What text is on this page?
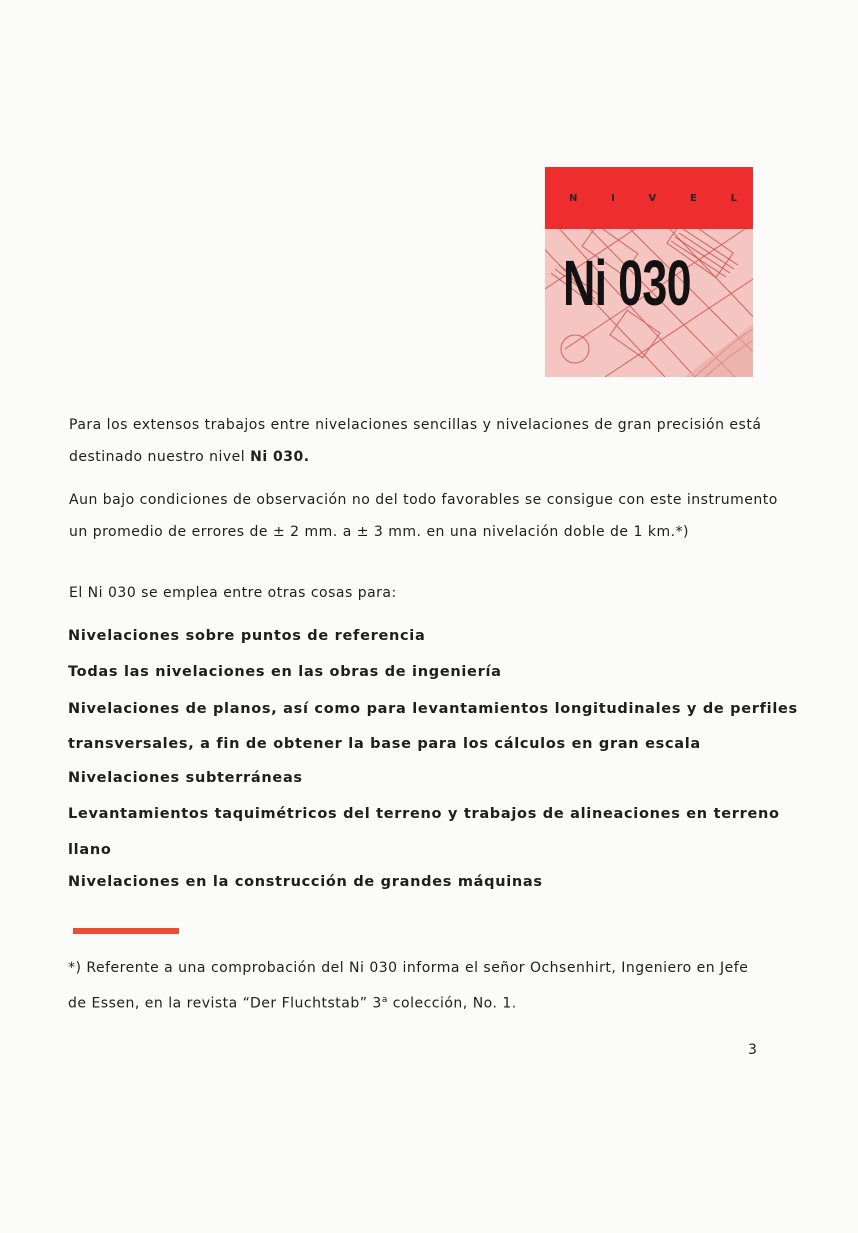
N	I	V	E	L
Ni 030

Para los extensos trabajos entre nivelaciones sencillas y nivelaciones de gran precisión está
destinado nuestro nivel Ni 030.

Aun bajo condiciones de observación no del todo favorables se consigue con este instrumento
un promedio de errores de ± 2 mm. a ± 3 mm. en una nivelación doble de 1 km.*)

El Ni 030 se emplea entre otras cosas para:

Nivelaciones sobre puntos de referencia

Todas las nivelaciones en las obras de ingeniería

Nivelaciones de planos, así como para levantamientos longitudinales y de perfiles

transversales, a fin de obtener la base para los cálculos en gran escala

Nivelaciones subterráneas

Levantamientos taquimétricos del terreno y trabajos de alineaciones en terreno

llano

Nivelaciones en la construcción de grandes máquinas

*) Referente a una comprobación del Ni 030 informa el señor Ochsenhirt, Ingeniero en Jefe
de Essen, en la revista “Der Fluchtstab” 3$^a$ colección, No. 1.

3
